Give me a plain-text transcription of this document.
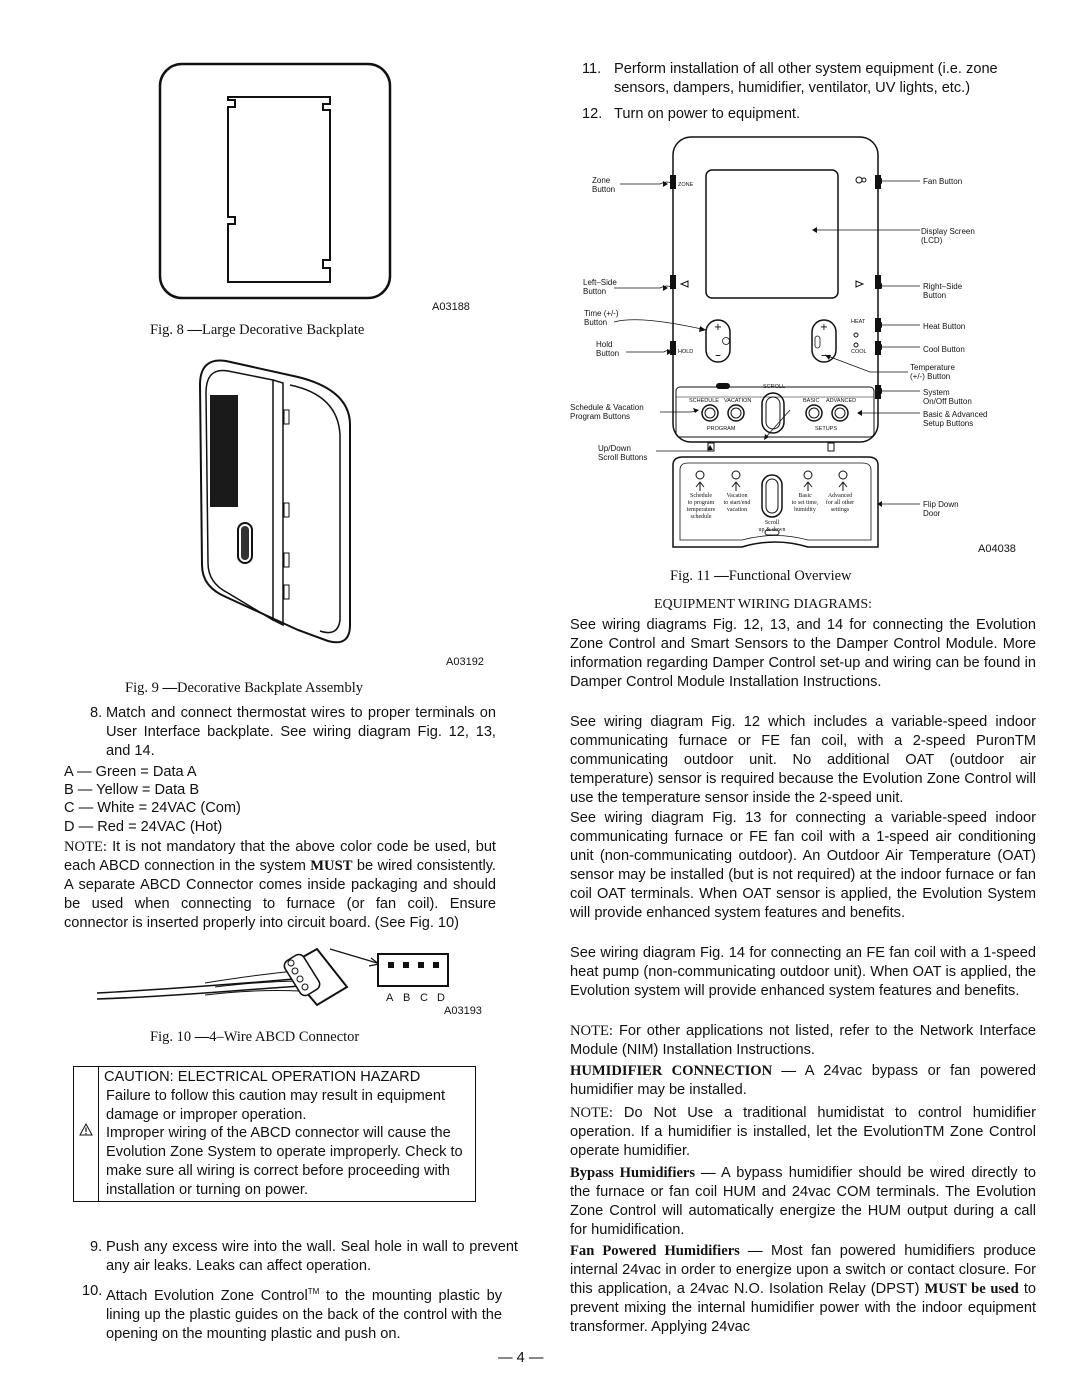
A03188
Fig. 8 —Large Decorative Backplate
A03192
Fig. 9 —Decorative Backplate Assembly
8. Match and connect thermostat wires to proper terminals on User Interface backplate. See wiring diagram Fig. 12, 13, and 14.
A — Green = Data A
B — Yellow = Data B
C — White = 24VAC (Com)
D — Red = 24VAC (Hot)
NOTE: It is not mandatory that the above color code be used, but each ABCD connection in the system MUST be wired consistently. A separate ABCD Connector comes inside packaging and should be used when connecting to furnace (or fan coil). Ensure connector is inserted properly into circuit board. (See Fig. 10)
A B C D
A03193
Fig. 10 —4–Wire ABCD Connector
CAUTION: ELECTRICAL OPERATION HAZARD
Failure to follow this caution may result in equipment damage or improper operation.
Improper wiring of the ABCD connector will cause the Evolution Zone System to operate improperly. Check to make sure all wiring is correct before proceeding with installation or turning on power.
9. Push any excess wire into the wall. Seal hole in wall to prevent any air leaks. Leaks can affect operation.
10. Attach Evolution Zone Control™ to the mounting plastic by lining up the plastic guides on the back of the control with the opening on the mounting plastic and push on.
11. Perform installation of all other system equipment (i.e. zone sensors, dampers, humidifier, ventilator, UV lights, etc.)
12. Turn on power to equipment.
+
–
+
–
ZONE
HOLD
HEAT
COOL
SCROLL
SCHEDULE VACATION	BASIC ADVANCED
PROGRAM	SETUPS
Schedule
to program
temperature
schedule
Vacation
to start/end
vacation
Basic
to set time,
humidity
Advanced
for all other
settings
Scroll
up & down
Zone
Button
Left–Side
Button
Time (+/-)
Button
Hold
Button
Schedule & Vacation
Program Buttons
Up/Down
Scroll Buttons
Fan Button
Display Screen
(LCD)
Right–Side
Button
Heat Button
Cool Button
Temperature
(+/-) Button
System
On/Off Button
Basic & Advanced
Setup Buttons
Flip Down
Door
A04038
Fig. 11 —Functional Overview
EQUIPMENT WIRING DIAGRAMS:
See wiring diagrams Fig. 12, 13, and 14 for connecting the Evolution Zone Control and Smart Sensors to the Damper Control Module. More information regarding Damper Control set-up and wiring can be found in Damper Control Module Installation Instructions.
See wiring diagram Fig. 12 which includes a variable-speed indoor communicating furnace or FE fan coil, with a 2-speed PuronTM communicating outdoor unit. No additional OAT (outdoor air temperature) sensor is required because the Evolution Zone Control will use the temperature sensor inside the 2-speed unit.
See wiring diagram Fig. 13 for connecting a variable-speed indoor communicating furnace or FE fan coil with a 1-speed air conditioning unit (non-communicating outdoor). An Outdoor Air Temperature (OAT) sensor may be installed (but is not required) at the indoor furnace or fan coil OAT terminals. When OAT sensor is applied, the Evolution System will provide enhanced system features and benefits.
See wiring diagram Fig. 14 for connecting an FE fan coil with a 1-speed heat pump (non-communicating outdoor unit). When OAT is applied, the Evolution system will provide enhanced system features and benefits.
NOTE: For other applications not listed, refer to the Network Interface Module (NIM) Installation Instructions.
HUMIDIFIER CONNECTION — A 24vac bypass or fan powered humidifier may be installed.
NOTE: Do Not Use a traditional humidistat to control humidifier operation. If a humidifier is installed, let the EvolutionTM Zone Control operate humidifier.
Bypass Humidifiers — A bypass humidifier should be wired directly to the furnace or fan coil HUM and 24vac COM terminals. The Evolution Zone Control will automatically energize the HUM output during a call for humidification.
Fan Powered Humidifiers — Most fan powered humidifiers produce internal 24vac in order to energize upon a switch or contact closure. For this application, a 24vac N.O. Isolation Relay (DPST) MUST be used to prevent mixing the internal humidifier power with the indoor equipment transformer. Applying 24vac
— 4 —
